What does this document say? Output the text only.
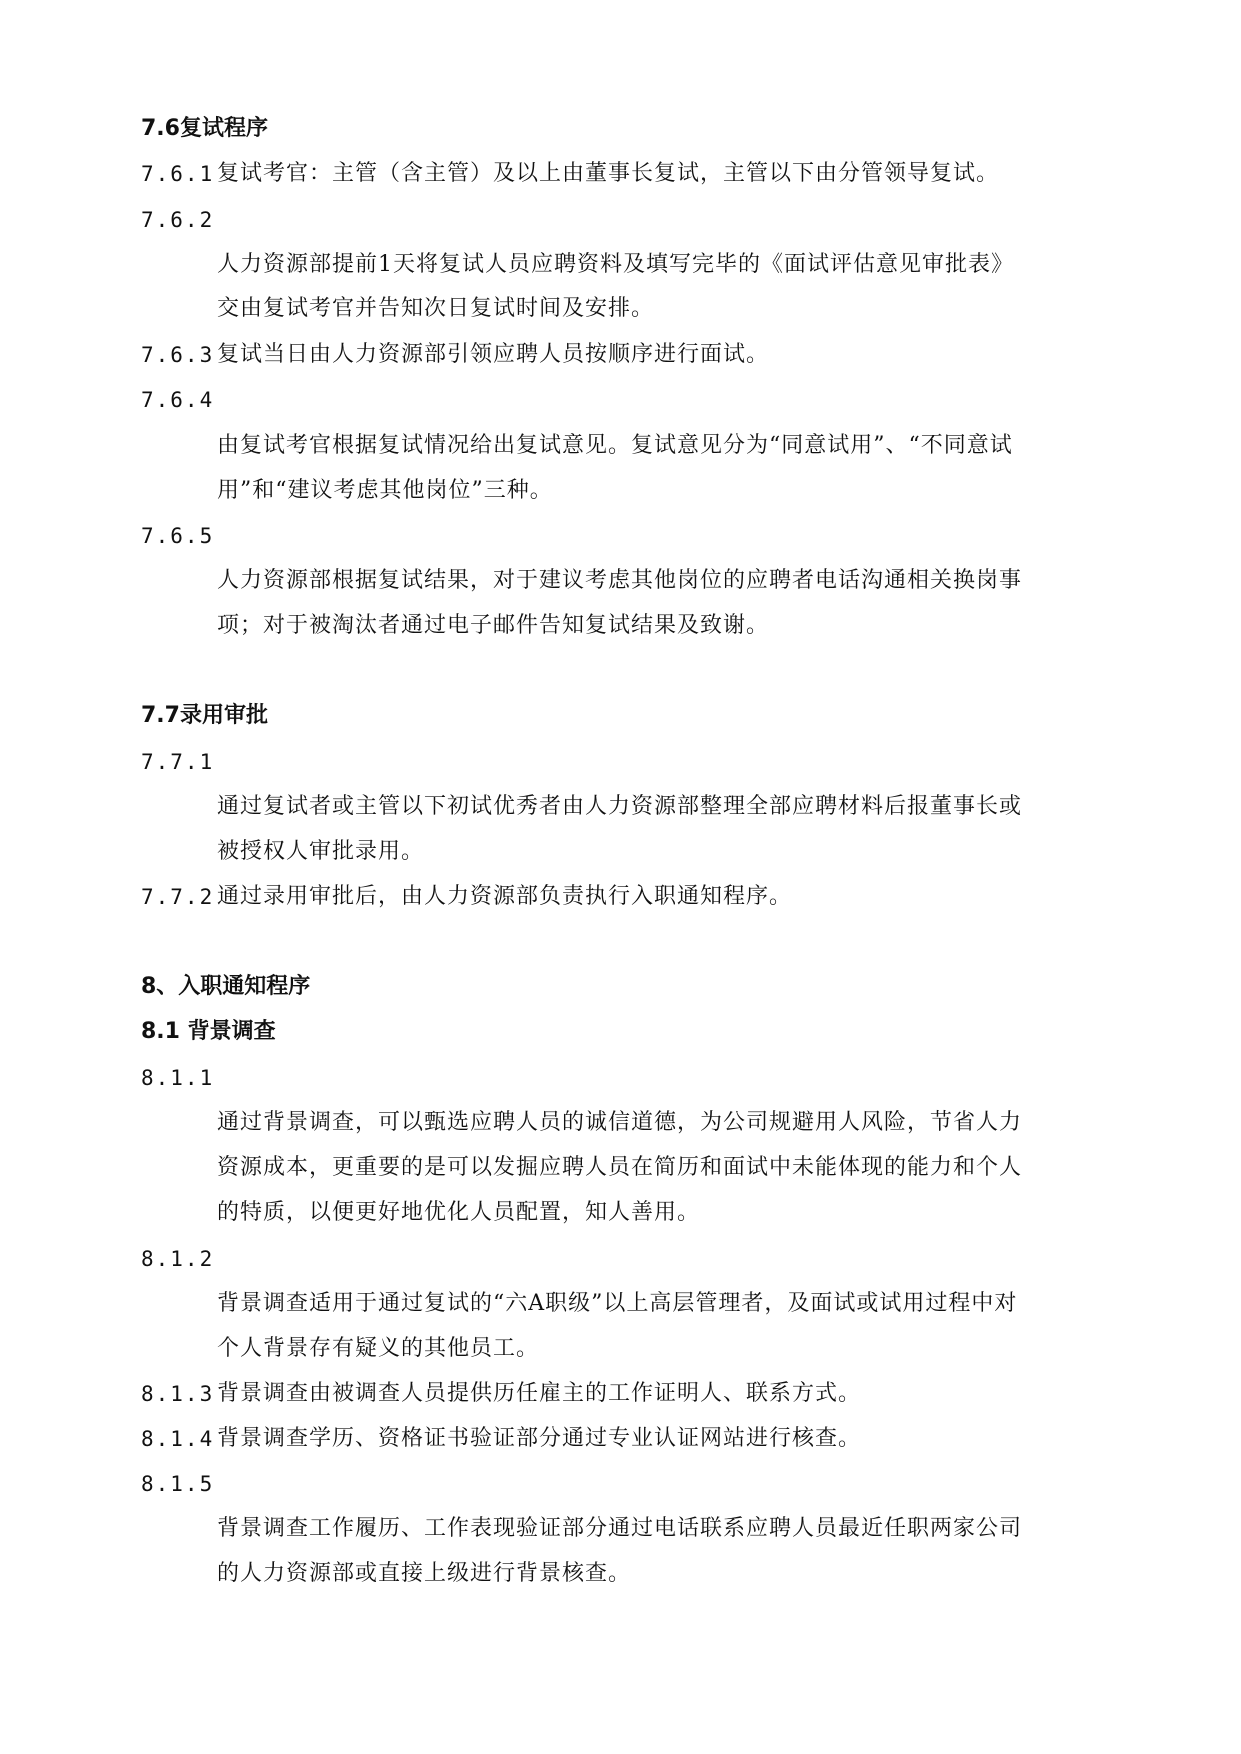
7.6复试程序
7.6.1 复试考官：主管（含主管）及以上由董事长复试，主管以下由分管领导复试。
7.6.2
人力资源部提前1天将复试人员应聘资料及填写完毕的《面试评估意见审批表》
交由复试考官并告知次日复试时间及安排。
7.6.3 复试当日由人力资源部引领应聘人员按顺序进行面试。
7.6.4
由复试考官根据复试情况给出复试意见。复试意见分为“同意试用”、“不同意试
用”和“建议考虑其他岗位”三种。
7.6.5
人力资源部根据复试结果，对于建议考虑其他岗位的应聘者电话沟通相关换岗事
项；对于被淘汰者通过电子邮件告知复试结果及致谢。
7.7录用审批
7.7.1
通过复试者或主管以下初试优秀者由人力资源部整理全部应聘材料后报董事长或
被授权人审批录用。
7.7.2 通过录用审批后，由人力资源部负责执行入职通知程序。
8、入职通知程序
8.1 背景调查
8.1.1
通过背景调查，可以甄选应聘人员的诚信道德，为公司规避用人风险，节省人力
资源成本，更重要的是可以发掘应聘人员在简历和面试中未能体现的能力和个人
的特质，以便更好地优化人员配置，知人善用。
8.1.2
背景调查适用于通过复试的“六A职级”以上高层管理者，及面试或试用过程中对
个人背景存有疑义的其他员工。
8.1.3 背景调查由被调查人员提供历任雇主的工作证明人、联系方式。
8.1.4 背景调查学历、资格证书验证部分通过专业认证网站进行核查。
8.1.5
背景调查工作履历、工作表现验证部分通过电话联系应聘人员最近任职两家公司
的人力资源部或直接上级进行背景核查。
